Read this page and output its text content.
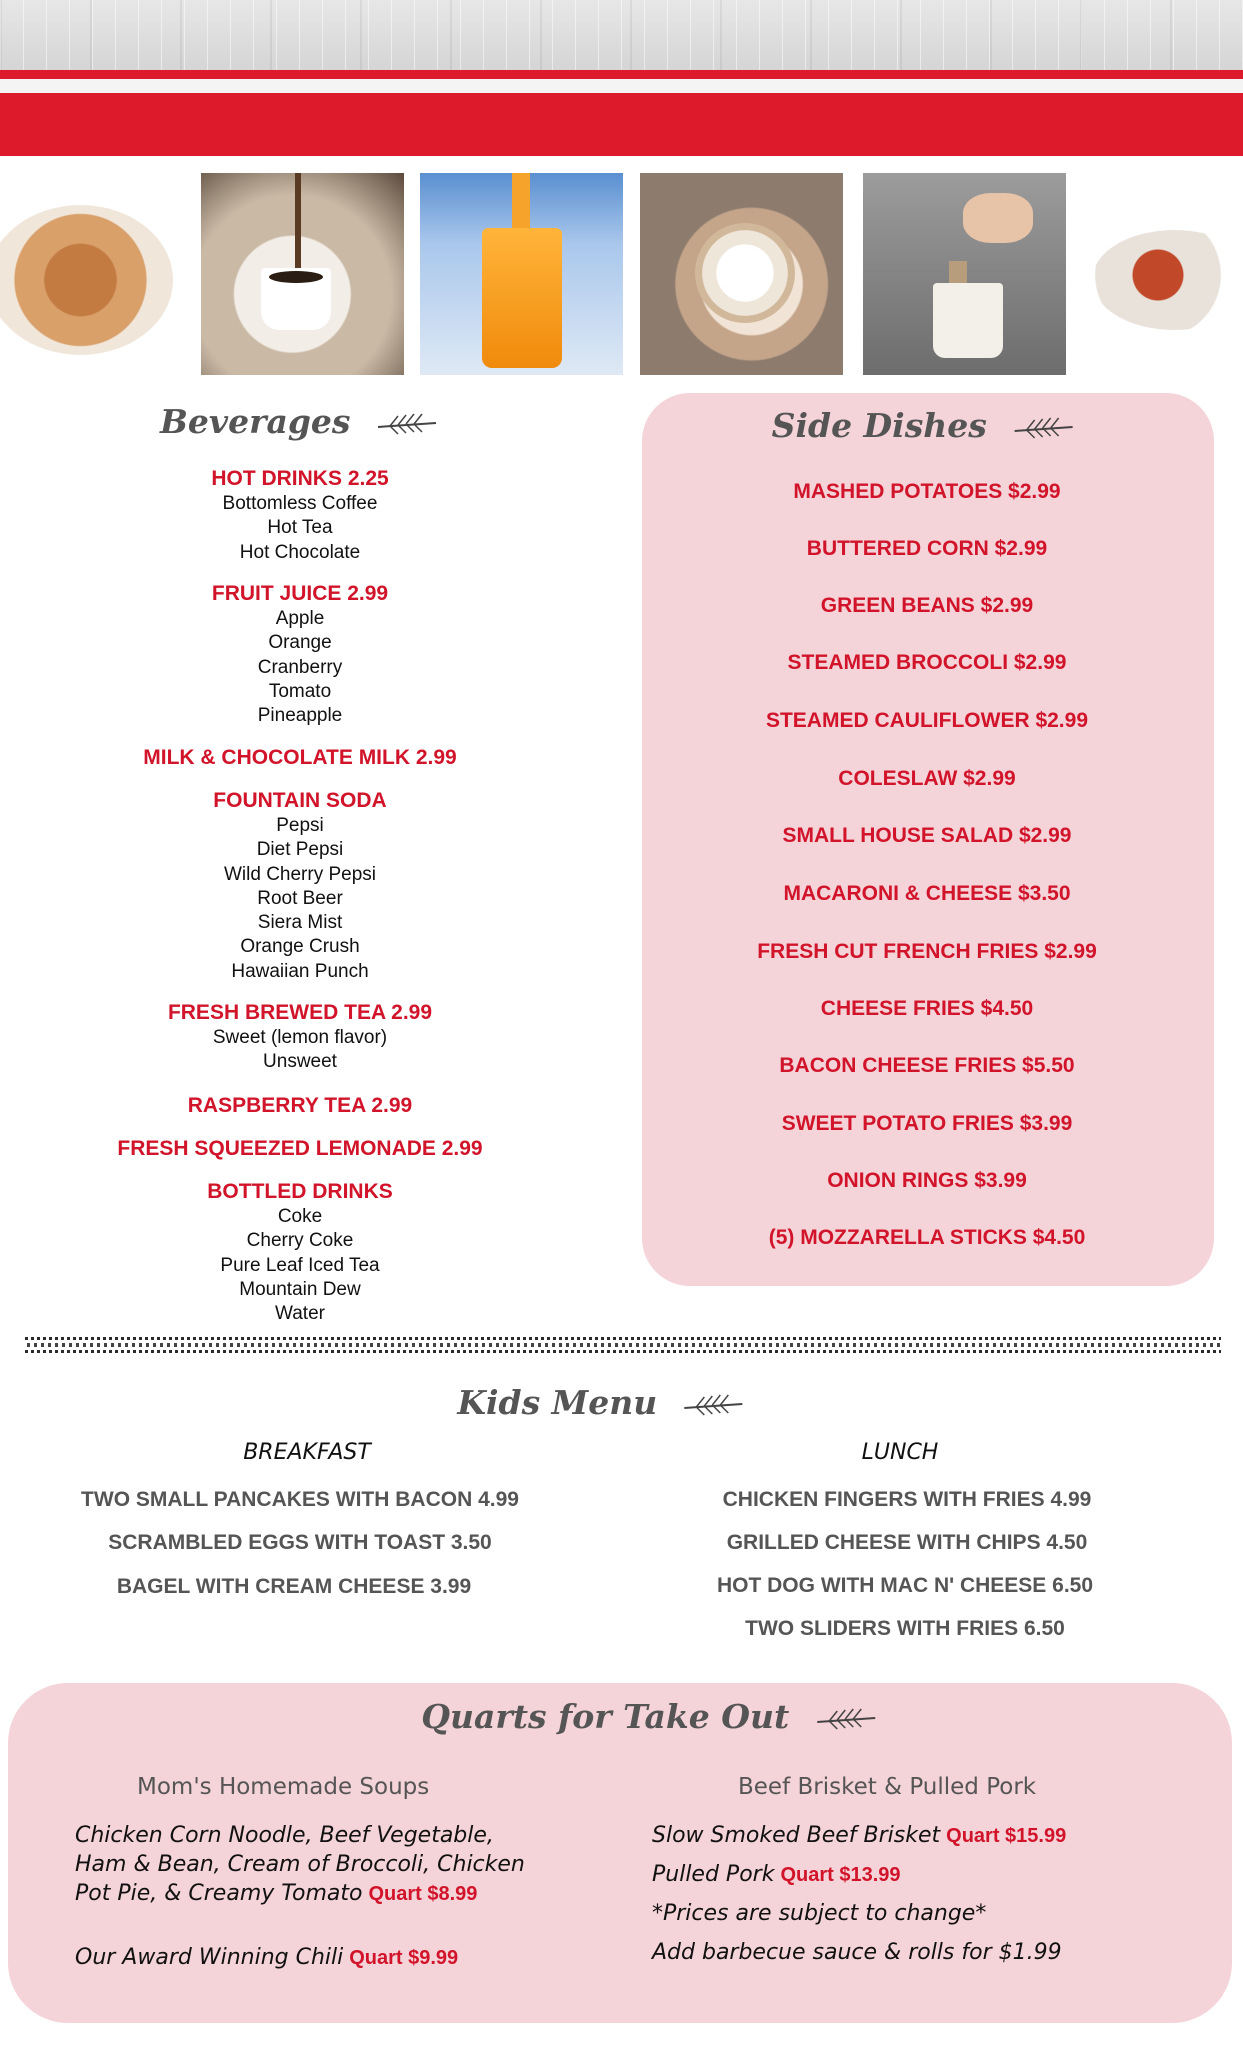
Beverages
HOT DRINKS 2.25
Bottomless Coffee
Hot Tea
Hot Chocolate
FRUIT JUICE 2.99
Apple
Orange
Cranberry
Tomato
Pineapple
MILK & CHOCOLATE MILK 2.99
FOUNTAIN SODA
Pepsi
Diet Pepsi
Wild Cherry Pepsi
Root Beer
Siera Mist
Orange Crush
Hawaiian Punch
FRESH BREWED TEA 2.99
Sweet (lemon flavor)
Unsweet
RASPBERRY TEA 2.99
FRESH SQUEEZED LEMONADE 2.99
BOTTLED DRINKS
Coke
Cherry Coke
Pure Leaf Iced Tea
Mountain Dew
Water
Side Dishes
MASHED POTATOES $2.99
BUTTERED CORN $2.99
GREEN BEANS $2.99
STEAMED BROCCOLI $2.99
STEAMED CAULIFLOWER $2.99
COLESLAW $2.99
SMALL HOUSE SALAD $2.99
MACARONI & CHEESE $3.50
FRESH CUT FRENCH FRIES $2.99
CHEESE FRIES $4.50
BACON CHEESE FRIES $5.50
SWEET POTATO FRIES $3.99
ONION RINGS $3.99
(5) MOZZARELLA STICKS $4.50
Kids Menu
BREAKFAST
TWO SMALL PANCAKES WITH BACON 4.99
SCRAMBLED EGGS WITH TOAST 3.50
BAGEL WITH CREAM CHEESE 3.99
LUNCH
CHICKEN FINGERS WITH FRIES 4.99
GRILLED CHEESE WITH CHIPS 4.50
HOT DOG WITH MAC N' CHEESE 6.50
TWO SLIDERS WITH FRIES 6.50
Quarts for Take Out
Mom's Homemade Soups
Chicken Corn Noodle, Beef Vegetable,
Ham & Bean, Cream of Broccoli, Chicken
Pot Pie, & Creamy Tomato Quart $8.99
Our Award Winning Chili Quart $9.99
Beef Brisket & Pulled Pork
Slow Smoked Beef Brisket Quart $15.99
Pulled Pork Quart $13.99
*Prices are subject to change*
Add barbecue sauce & rolls for $1.99
